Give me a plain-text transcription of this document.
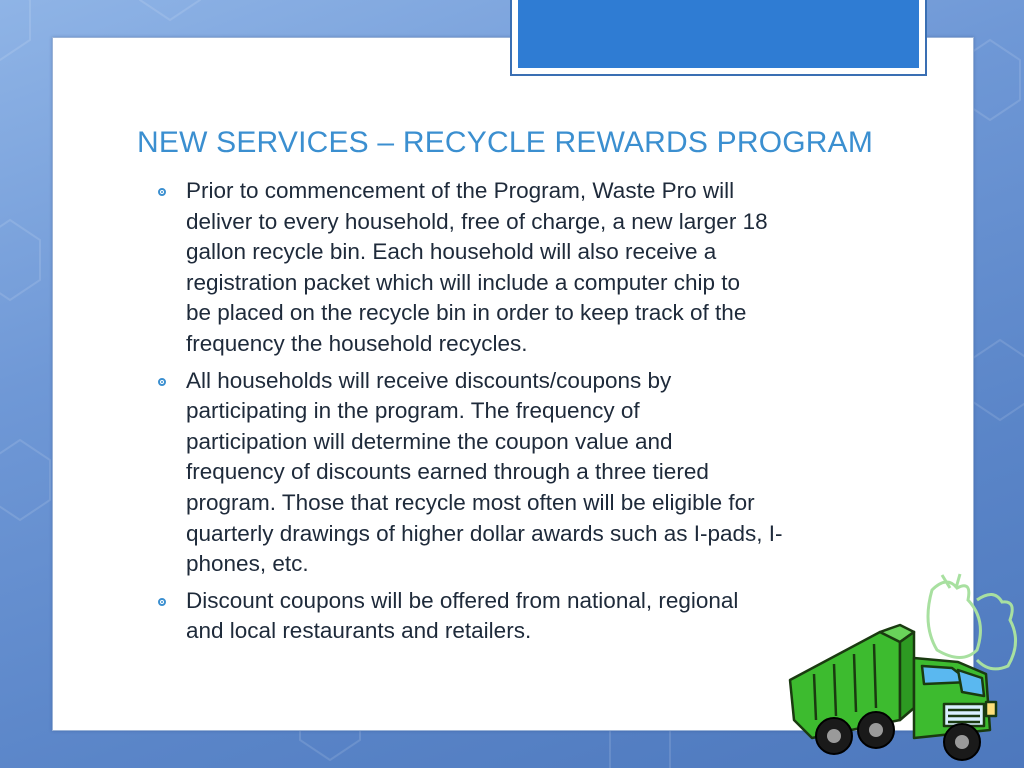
NEW SERVICES – RECYCLE REWARDS PROGRAM
Prior to commencement of the Program, Waste Pro will
deliver to every household, free of charge, a new larger 18
gallon recycle bin. Each household will also receive a
registration packet which will include a computer chip to
be placed on the recycle bin in order to keep track of the
frequency the household recycles.
All households will receive discounts/coupons by
participating in the program. The frequency of
participation will determine the coupon value and
frequency of discounts earned through a three tiered
program. Those that recycle most often will be eligible for
quarterly drawings of higher dollar awards such as I-pads, I-
phones, etc.
Discount coupons will be offered from national, regional
and local restaurants and retailers.
